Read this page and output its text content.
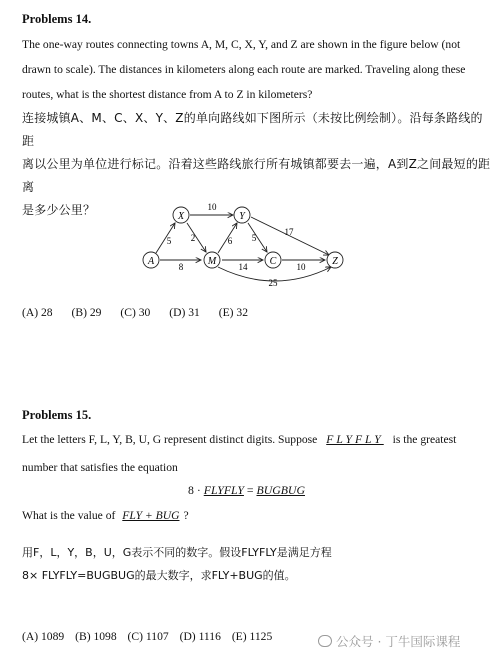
Problems 14.
The one-way routes connecting towns A, M, C, X, Y, and Z are shown in the figure below (not
drawn to scale). The distances in kilometers along each route are marked. Traveling along these
routes, what is the shortest distance from A to Z in kilometers?
连接城镇A、M、C、X、Y、Z的单向路线如下图所示（未按比例绘制）。沿每条路线的距
离以公里为单位进行标记。沿着这些路线旅行所有城镇都要去一遍，A到Z之间最短的距离
是多少公里？	X	Y
A	M	C	Z
10
5 2	6 5
17
8	14	10
25
(A) 28 (B) 29 (C) 30 (D) 31 (E) 32
Problems 15.
Let the letters F, L, Y, B, U, G represent distinct digits. Suppose FLYFLY is the greatest
number that satisfies the equation
8 · FLYFLY = BUGBUG
What is the value of FLY + BUG ?
用F，L，Y，B，U，G表示不同的数字。假设FLYFLY是满足方程
8× FLYFLY=BUGBUG的最大数字，求FLY+BUG的值。
(A) 1089 (B) 1098 (C) 1107 (D) 1116 (E) 1125	公众号 · 丁牛国际课程
